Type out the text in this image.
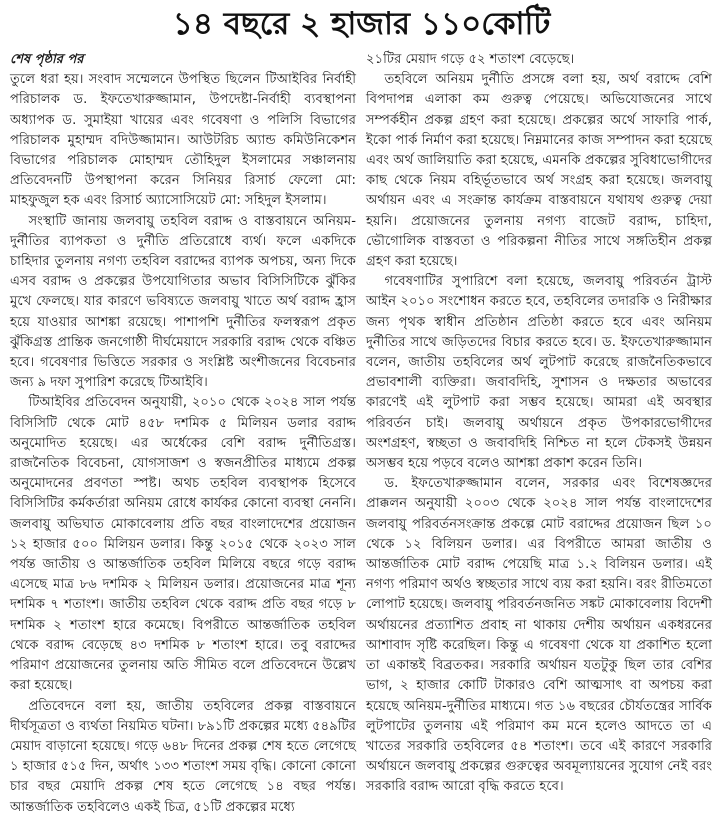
১৪ বছরে ২ হাজার ১১০কোটি
শেষ পৃষ্ঠার পর

তুলে ধরা হয়। সংবাদ সম্মেলনে উপস্থিত ছিলেন টিআইবির নির্বাহী পরিচালক ড. ইফতেখারুজ্জামান, উপদেষ্টা-নির্বাহী ব্যবস্থাপনা অধ্যাপক ড. সুমাইয়া খায়ের এবং গবেষণা ও পলিসি বিভাগের পরিচালক মুহাম্মদ বদিউজ্জামান। আউটরিচ অ্যান্ড কমিউনিকেশন বিভাগের পরিচালক মোহাম্মদ তৌহিদুল ইসলামের সঞ্চালনায় প্রতিবেদনটি উপস্থাপনা করেন সিনিয়র রিসার্চ ফেলো মো: মাহফুজুল হক এবং রিসার্চ অ্যাসোসিয়েট মো: সহিদুল ইসলাম।

সংস্থাটি জানায় জলবায়ু তহবিল বরাদ্দ ও বাস্তবায়নে অনিয়ম-দুর্নীতির ব্যাপকতা ও দুর্নীতি প্রতিরোধে ব্যর্থ। ফলে একদিকে চাহিদার তুলনায় নগণ্য তহবিল বরাদ্দের ব্যাপক অপচয়, অন্য দিকে এসব বরাদ্দ ও প্রকল্পের উপযোগিতার অভাব বিসিসিটিকে ঝুঁকির মুখে ফেলছে। যার কারণে ভবিষ্যতে জলবায়ু খাতে অর্থ বরাদ্দ হ্রাস হয়ে যাওয়ার আশঙ্কা রয়েছে। পাশাপশি দুর্নীতির ফলস্বরূপ প্রকৃত ঝুঁকিগ্রস্ত প্রান্তিক জনগোষ্ঠী দীর্ঘমেয়াদে সরকারি বরাদ্দ থেকে বঞ্চিত হবে। গবেষণার ভিত্তিতে সরকার ও সংশ্লিষ্ট অংশীজনের বিবেচনার জন্য ৯ দফা সুপারিশ করেছে টিআইবি।

টিআইবির প্রতিবেদন অনুযায়ী, ২০১০ থেকে ২০২৪ সাল পর্যন্ত বিসিসিটি থেকে মোট ৪৫৮ দশমিক ৫ মিলিয়ন ডলার বরাদ্দ অনুমোদিত হয়েছে। এর অর্ধেকের বেশি বরাদ্দ দুর্নীতিগ্রস্ত। রাজনৈতিক বিবেচনা, যোগসাজশ ও স্বজনপ্রীতির মাধ্যমে প্রকল্প অনুমোদনের প্রবণতা স্পষ্ট। অথচ তহবিল ব্যবস্থাপক হিসেবে বিসিসিটির কর্মকর্তারা অনিয়ম রোধে কার্যকর কোনো ব্যবস্থা নেননি। জলবায়ু অভিঘাত মোকাবেলায় প্রতি বছর বাংলাদেশের প্রয়োজন ১২ হাজার ৫০০ মিলিয়ন ডলার। কিন্তু ২০১৫ থেকে ২০২৩ সাল পর্যন্ত জাতীয় ও আন্তর্জাতিক তহবিল মিলিয়ে বছরে গড়ে বরাদ্দ এসেছে মাত্র ৮৬ দশমিক ২ মিলিয়ন ডলার। প্রয়োজনের মাত্র শূন্য দশমিক ৭ শতাংশ। জাতীয় তহবিল থেকে বরাদ্দ প্রতি বছর গড়ে ৮ দশমিক ২ শতাংশ হারে কমেছে। বিপরীতে আন্তর্জাতিক তহবিল থেকে বরাদ্দ বেড়েছে ৪৩ দশমিক ৮ শতাংশ হারে। তবু বরাদ্দের পরিমাণ প্রয়োজনের তুলনায় অতি সীমিত বলে প্রতিবেদনে উল্লেখ করা হয়েছে।

প্রতিবেদনে বলা হয়, জাতীয় তহবিলের প্রকল্প বাস্তবায়নে দীর্ঘসূত্রতা ও ব্যর্থতা নিয়মিত ঘটনা। ৮৯১টি প্রকল্পের মধ্যে ৫৪৯টির মেয়াদ বাড়ানো হয়েছে। গড়ে ৬৪৮ দিনের প্রকল্প শেষ হতে লেগেছে ১ হাজার ৫১৫ দিন, অর্থাৎ ১৩৩ শতাংশ সময় বৃদ্ধি। কোনো কোনো চার বছর মেয়াদি প্রকল্প শেষ হতে লেগেছে ১৪ বছর পর্যন্ত। আন্তর্জাতিক তহবিলেও একই চিত্র, ৫১টি প্রকল্পের মধ্যে

২১টির মেয়াদ গড়ে ৫২ শতাংশ বেড়েছে।

তহবিলে অনিয়ম দুর্নীতি প্রসঙ্গে বলা হয়, অর্থ বরাদ্দে বেশি বিপদাপন্ন এলাকা কম গুরুত্ব পেয়েছে। অভিযোজনের সাথে সম্পর্কহীন প্রকল্প গ্রহণ করা হয়েছে। প্রকল্পের অর্থে সাফারি পার্ক, ইকো পার্ক নির্মাণ করা হয়েছে। নিম্নমানের কাজ সম্পাদন করা হয়েছে এবং অর্থ জালিয়াতি করা হয়েছে, এমনকি প্রকল্পের সুবিধাভোগীদের কাছ থেকে নিয়ম বহির্ভূতভাবে অর্থ সংগ্রহ করা হয়েছে। জলবায়ু অর্থায়ন এবং এ সংক্রান্ত কার্যক্রম বাস্তবায়নে যথাযথ গুরুত্ব দেয়া হয়নি। প্রয়োজনের তুলনায় নগণ্য বাজেট বরাদ্দ, চাহিদা, ভৌগোলিক বাস্তবতা ও পরিকল্পনা নীতির সাথে সঙ্গতিহীন প্রকল্প গ্রহণ করা হয়েছে।

গবেষণাটির সুপারিশে বলা হয়েছে, জলবায়ু পরিবর্তন ট্রাস্ট আইন ২০১০ সংশোধন করতে হবে, তহবিলের তদারকি ও নিরীক্ষার জন্য পৃথক স্বাধীন প্রতিষ্ঠান প্রতিষ্ঠা করতে হবে এবং অনিয়ম দুর্নীতির সাথে জড়িতদের বিচার করতে হবে। ড. ইফতেখারুজ্জামান বলেন, জাতীয় তহবিলের অর্থ লুটপাট করেছে রাজনৈতিকভাবে প্রভাবশালী ব্যক্তিরা। জবাবদিহি, সুশাসন ও দক্ষতার অভাবের কারণেই এই লুটপাট করা সম্ভব হয়েছে। আমরা এই অবস্থার পরিবর্তন চাই। জলবায়ু অর্থায়নে প্রকৃত উপকারভোগীদের অংশগ্রহণ, স্বচ্ছতা ও জবাবদিহি নিশ্চিত না হলে টেকসই উন্নয়ন অসম্ভব হয়ে পড়বে বলেও আশঙ্কা প্রকাশ করেন তিনি।

ড. ইফতেখারুজ্জামান বলেন, সরকার এবং বিশেষজ্ঞদের প্রাক্কলন অনুযায়ী ২০০৩ থেকে ২০২৪ সাল পর্যন্ত বাংলাদেশের জলবায়ু পরিবর্তনসংক্রান্ত প্রকল্পে মোট বরাদ্দের প্রয়োজন ছিল ১০ থেকে ১২ বিলিয়ন ডলার। এর বিপরীতে আমরা জাতীয় ও আন্তর্জাতিক মোট বরাদ্দ পেয়েছি মাত্র ১.২ বিলিয়ন ডলার। এই নগণ্য পরিমাণ অর্থও স্বচ্ছতার সাথে ব্যয় করা হয়নি। বরং রীতিমতো লোপাট হয়েছে। জলবায়ু পরিবর্তনজনিত সঙ্কট মোকাবেলায় বিদেশী অর্থায়নের প্রত্যাশিত প্রবাহ না থাকায় দেশীয় অর্থায়ন একধরনের আশাবাদ সৃষ্টি করেছিল। কিন্তু এ গবেষণা থেকে যা প্রকাশিত হলো তা একান্তই বিব্রতকর। সরকারি অর্থায়ন যতটুকু ছিল তার বেশির ভাগ, ২ হাজার কোটি টাকারও বেশি আত্মসাৎ বা অপচয় করা হয়েছে অনিয়ম-দুর্নীতির মাধ্যমে। গত ১৬ বছরের চৌর্যতন্ত্রের সার্বিক লুটপাটের তুলনায় এই পরিমাণ কম মনে হলেও আদতে তা এ খাতের সরকারি তহবিলের ৫৪ শতাংশ। তবে এই কারণে সরকারি অর্থায়নে জলবায়ু প্রকল্পের গুরুত্বের অবমূল্যায়নের সুযোগ নেই বরং সরকারি বরাদ্দ আরো বৃদ্ধি করতে হবে।
